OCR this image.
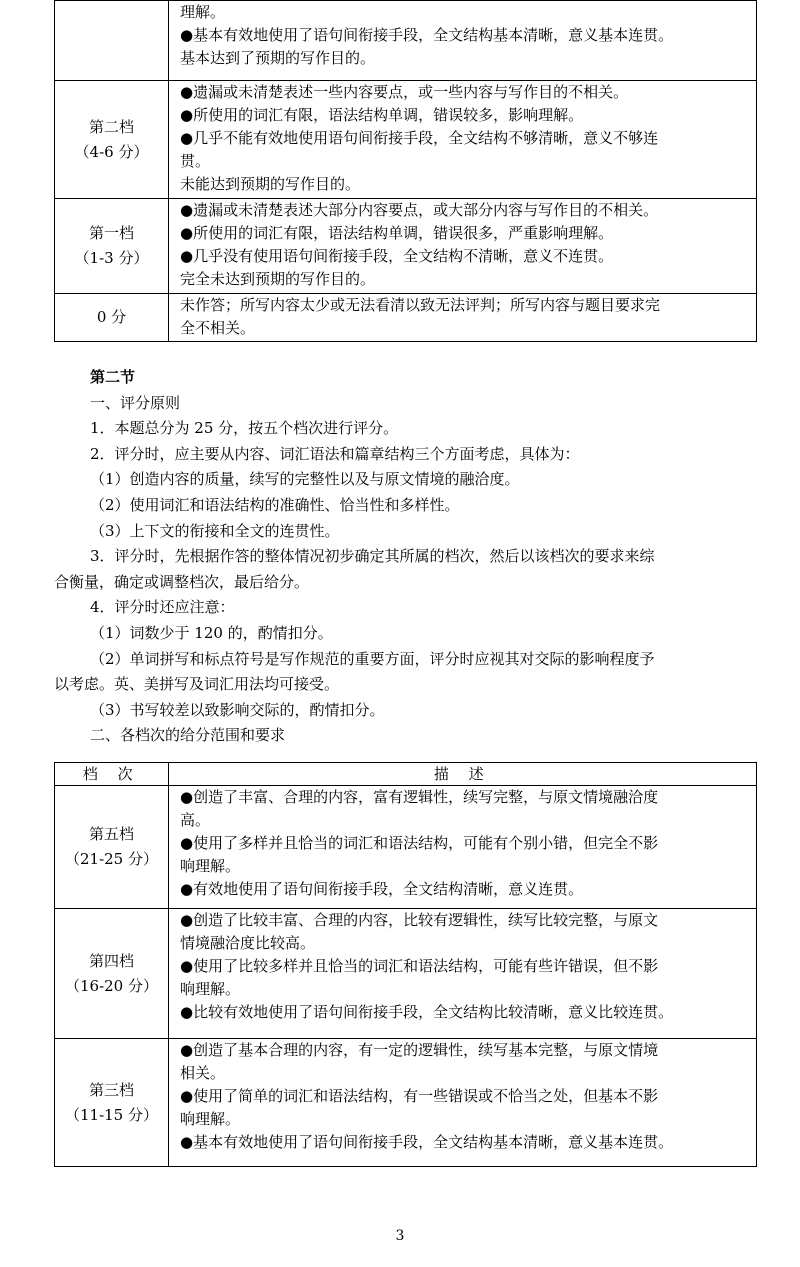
	理解。
●基本有效地使用了语句间衔接手段，全文结构基本清晰，意义基本连贯。
基本达到了预期的写作目的。

第二档
（4-6 分）	●遗漏或未清楚表述一些内容要点，或一些内容与写作目的不相关。
●所使用的词汇有限，语法结构单调，错误较多，影响理解。
●几乎不能有效地使用语句间衔接手段，全文结构不够清晰，意义不够连
贯。
未能达到预期的写作目的。

第一档
（1-3 分）	●遗漏或未清楚表述大部分内容要点，或大部分内容与写作目的不相关。
●所使用的词汇有限，语法结构单调，错误很多，严重影响理解。
●几乎没有使用语句间衔接手段，全文结构不清晰，意义不连贯。
完全未达到预期的写作目的。

0 分	未作答；所写内容太少或无法看清以致无法评判；所写内容与题目要求完
全不相关。

第二节

一、评分原则

1．本题总分为 25 分，按五个档次进行评分。

2．评分时，应主要从内容、词汇语法和篇章结构三个方面考虑，具体为：

（1）创造内容的质量，续写的完整性以及与原文情境的融洽度。

（2）使用词汇和语法结构的准确性、恰当性和多样性。

（3）上下文的衔接和全文的连贯性。

3．评分时，先根据作答的整体情况初步确定其所属的档次，然后以该档次的要求来综

合衡量，确定或调整档次，最后给分。

4．评分时还应注意：

（1）词数少于 120 的，酌情扣分。

（2）单词拼写和标点符号是写作规范的重要方面，评分时应视其对交际的影响程度予

以考虑。英、美拼写及词汇用法均可接受。

（3）书写较差以致影响交际的，酌情扣分。

二、各档次的给分范围和要求

档 次	描 述

第五档
（21-25 分）	●创造了丰富、合理的内容，富有逻辑性，续写完整，与原文情境融洽度
高。
●使用了多样并且恰当的词汇和语法结构，可能有个别小错，但完全不影
响理解。
●有效地使用了语句间衔接手段，全文结构清晰，意义连贯。

第四档
（16-20 分）	●创造了比较丰富、合理的内容，比较有逻辑性，续写比较完整，与原文
情境融洽度比较高。
●使用了比较多样并且恰当的词汇和语法结构，可能有些许错误，但不影
响理解。
●比较有效地使用了语句间衔接手段，全文结构比较清晰，意义比较连贯。

第三档
（11-15 分）	●创造了基本合理的内容，有一定的逻辑性，续写基本完整，与原文情境
相关。
●使用了简单的词汇和语法结构，有一些错误或不恰当之处，但基本不影
响理解。
●基本有效地使用了语句间衔接手段，全文结构基本清晰，意义基本连贯。
3
